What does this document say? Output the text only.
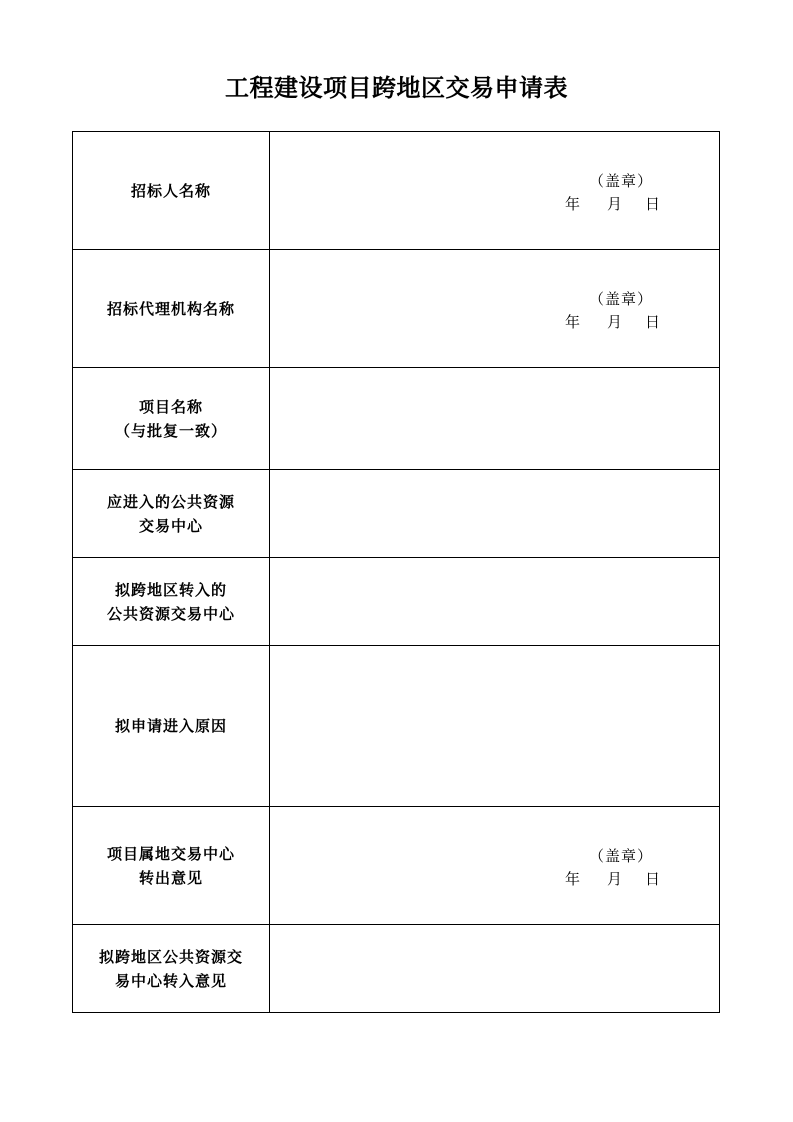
工程建设项目跨地区交易申请表
招标人名称	（盖章）
年 月 日

招标代理机构名称	（盖章）
年 月 日

项目名称
（与批复一致）	

应进入的公共资源
交易中心	

拟跨地区转入的
公共资源交易中心	

拟申请进入原因	

项目属地交易中心
转出意见	（盖章）
年 月 日

拟跨地区公共资源交
易中心转入意见	
